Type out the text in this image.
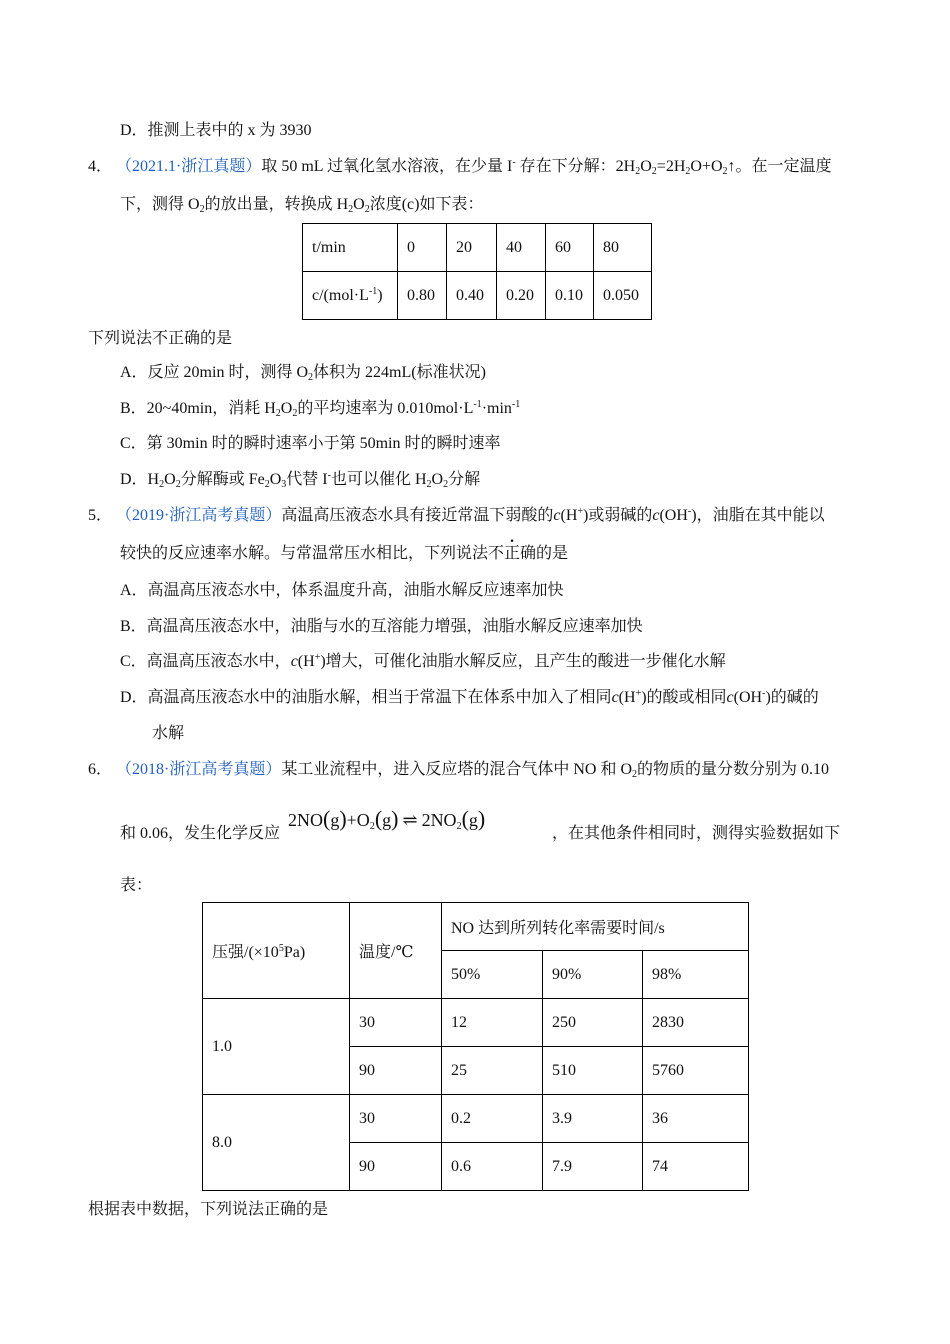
D．推测上表中的 x 为 3930
4． （2021.1·浙江真题）取 50 mL 过氧化氢水溶液，在少量 I- 存在下分解：$2H_2O_2=2H_2O+O_2↑$。在一定温度
下，测得 $O_2$的放出量，转换成 $H_2O_2$浓度(c)如下表：
t/min	0	20	40	60	80
$c/(mol\cdot L^{-1})$	0.80	0.40	0.20	0.10	0.050
下列说法不正确的是
A．反应 20min 时，测得 $O_2$体积为 224mL(标准状况)
B．20~40min，消耗 $H_2O_2$的平均速率为 $0.010mol\cdot L^{-1}\cdot\min^{-1}$
C．第 30min 时的瞬时速率小于第 50min 时的瞬时速率
D．$H_2O_2$分解酶或 $Fe_2O_3$代替 I-也可以催化 $H_2O_2$分解
5． （2019·浙江高考真题）高温高压液态水具有接近常温下弱酸的c(H+)或弱碱的c(OH-)，油脂在其中能以
较快的反应速率水解。与常温常压水相比，下列说法不正确的是
A．高温高压液态水中，体系温度升高，油脂水解反应速率加快
B．高温高压液态水中，油脂与水的互溶能力增强，油脂水解反应速率加快
C．高温高压液态水中，c(H+)增大，可催化油脂水解反应，且产生的酸进一步催化水解
D．高温高压液态水中的油脂水解，相当于常温下在体系中加入了相同c(H+)的酸或相同c(OH-)的碱的
水解
6． （2018·浙江高考真题）某工业流程中，进入反应塔的混合气体中 NO 和 $O_2$的物质的量分数分别为 0.10
和 0.06，发生化学反应
$2NO(g)+O_2(g)$ ⇌ $2NO_2(g)$
，在其他条件相同时，测得实验数据如下
表：
压强$/(\times 10^5Pa)$	温度/℃	NO 达到所列转化率需要时间/s		
		50%	90%	98%
1.0	30	12	250	2830
	90	25	510	5760
8.0	30	0.2	3.9	36
	90	0.6	7.9	74
根据表中数据，下列说法正确的是
